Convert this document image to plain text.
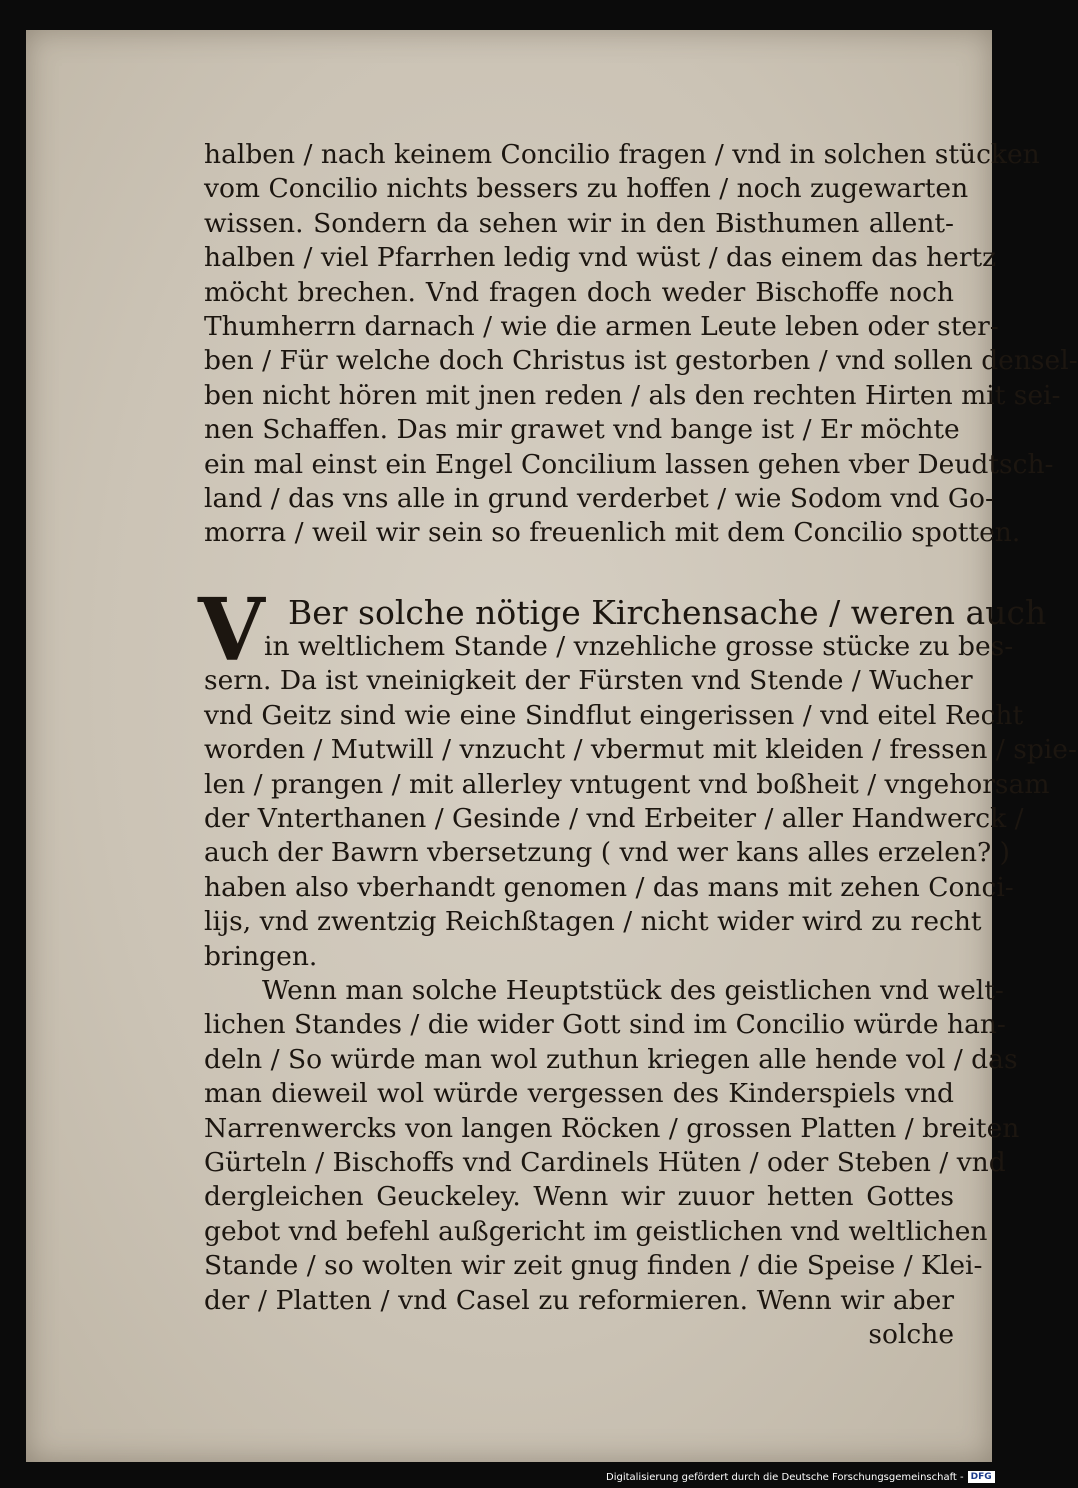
halben / nach keinem Concilio fragen / vnd in solchen stücken
vom Concilio nichts bessers zu hoffen / noch zugewarten
wissen. Sondern da sehen wir in den Bisthumen allent-
halben / viel Pfarrhen ledig vnd wüst / das einem das hertz
möcht brechen. Vnd fragen doch weder Bischoffe noch
Thumherrn darnach / wie die armen Leute leben oder ster-
ben / Für welche doch Christus ist gestorben / vnd sollen densel-
ben nicht hören mit jnen reden / als den rechten Hirten mit sei-
nen Schaffen. Das mir grawet vnd bange ist / Er möchte
ein mal einst ein Engel Concilium lassen gehen vber Deudtsch-
land / das vns alle in grund verderbet / wie Sodom vnd Go-
morra / weil wir sein so freuenlich mit dem Concilio spotten.
V Ber solche nötige Kirchensache / weren auch
in weltlichem Stande / vnzehliche grosse stücke zu bes-
sern. Da ist vneinigkeit der Fürsten vnd Stende / Wucher
vnd Geitz sind wie eine Sindflut eingerissen / vnd eitel Recht
worden / Mutwill / vnzucht / vbermut mit kleiden / fressen / spie-
len / prangen / mit allerley vntugent vnd boßheit / vngehorsam
der Vnterthanen / Gesinde / vnd Erbeiter / aller Handwerck /
auch der Bawrn vbersetzung ( vnd wer kans alles erzelen? )
haben also vberhandt genomen / das mans mit zehen Conci-
lijs, vnd zwentzig Reichßtagen / nicht wider wird zu recht
bringen.
Wenn man solche Heuptstück des geistlichen vnd welt-
lichen Standes / die wider Gott sind im Concilio würde han-
deln / So würde man wol zuthun kriegen alle hende vol / das
man dieweil wol würde vergessen des Kinderspiels vnd
Narrenwercks von langen Röcken / grossen Platten / breiten
Gürteln / Bischoffs vnd Cardinels Hüten / oder Steben / vnd
dergleichen Geuckeley. Wenn wir zuuor hetten Gottes
gebot vnd befehl außgericht im geistlichen vnd weltlichen
Stande / so wolten wir zeit gnug finden / die Speise / Klei-
der / Platten / vnd Casel zu reformieren. Wenn wir aber
solche
Digitalisierung gefördert durch die Deutsche Forschungsgemeinschaft - DFG
